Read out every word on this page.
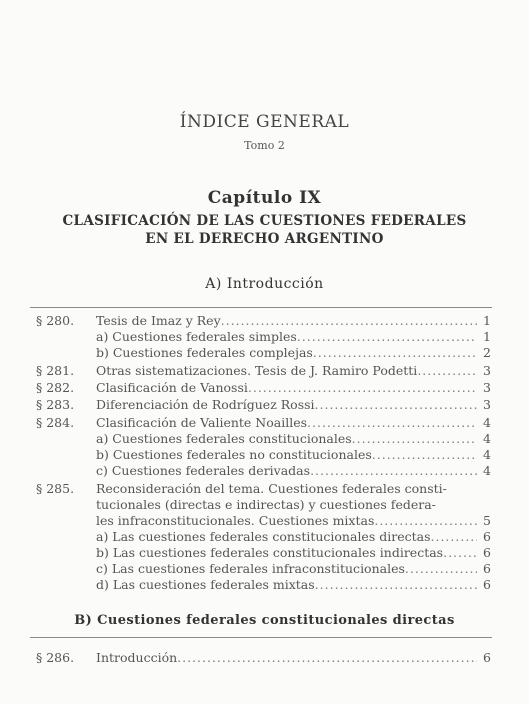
ÍNDICE GENERAL
Tomo 2
Capítulo IX
CLASIFICACIÓN DE LAS CUESTIONES FEDERALES
EN EL DERECHO ARGENTINO
A) Introducción
§ 280.	Tesis de Imaz y Rey .....	1
a) Cuestiones federales simples .....	1
b) Cuestiones federales complejas .....	2
§ 281.	Otras sistematizaciones. Tesis de J. Ramiro Podetti .....	3
§ 282.	Clasificación de Vanossi .....	3
§ 283.	Diferenciación de Rodríguez Rossi .....	3
§ 284.	Clasificación de Valiente Noailles .....	4
a) Cuestiones federales constitucionales .....	4
b) Cuestiones federales no constitucionales .....	4
c) Cuestiones federales derivadas .....	4
§ 285.	Reconsideración del tema. Cuestiones federales consti-
tucionales (directas e indirectas) y cuestiones federa-
les infraconstitucionales. Cuestiones mixtas .....	5
a) Las cuestiones federales constitucionales directas .....	6
b) Las cuestiones federales constitucionales indirectas .....	6
c) Las cuestiones federales infraconstitucionales .....	6
d) Las cuestiones federales mixtas .....	6
§ 286.	Introducción .....	6
B) Cuestiones federales constitucionales directas
